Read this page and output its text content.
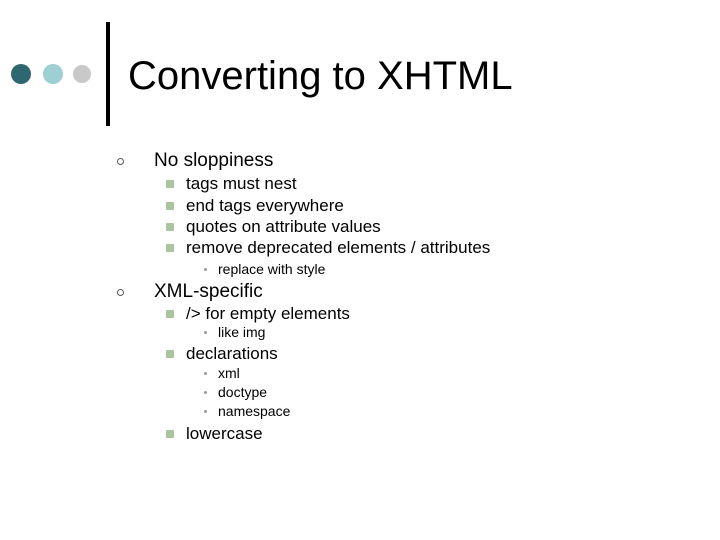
Converting to XHTML
No sloppiness
tags must nest
end tags everywhere
quotes on attribute values
remove deprecated elements / attributes
replace with style
XML-specific
/> for empty elements
like img
declarations
xml
doctype
namespace
lowercase
